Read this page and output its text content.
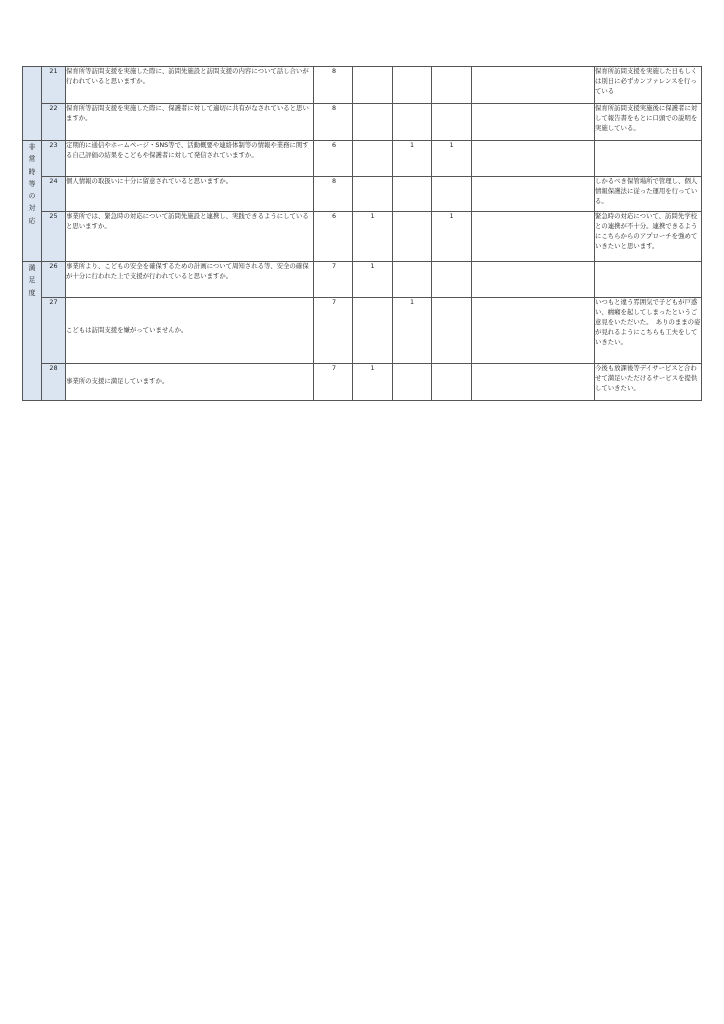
	21	保育所等訪問支援を実施した際に、訪問先施設と訪問支援の内容について話し合いが行われていると思いますか。	8					保育所訪問支援を実施した日もしくは別日に必ずカンファレンスを行っている
	22	保育所等訪問支援を実施した際に、保護者に対して適切に共有がなされていると思いますか。	8					保育所訪問支援実施後に保護者に対して報告書をもとに口頭での説明を実施している。
非常時等の対応	23	定期的に通信やホームページ・SNS等で、活動概要や連絡体制等の情報や業務に関する自己評価の結果をこどもや保護者に対して発信されていますか。	6		1	1		
	24	個人情報の取扱いに十分に留意されていると思いますか。	8					しかるべき保管場所で管理し、個人情報保護法に従った運用を行っている。
	25	事業所では、緊急時の対応について訪問先施設と連携し、実践できるようにしていると思いますか。	6	1		1		緊急時の対応について、訪問先学校との連携が不十分。連携できるようにこちらからのアプローチを強めていきたいと思います。
満足度	26	事業所より、こどもの安全を確保するための計画について周知される等、安全の確保が十分に行われた上で支援が行われていると思いますか。	7	1				
	27	こどもは訪問支援を嫌がっていませんか。	7		1			いつもと違う雰囲気で子どもが戸惑い、癇癪を起してしまったというご意見をいただいた。　ありのままの姿が見れるようにこちらも工夫をしていきたい。
	28	事業所の支援に満足していますか。	7	1				今後も放課後等デイサービスと合わせて満足いただけるサービスを提供していきたい。
